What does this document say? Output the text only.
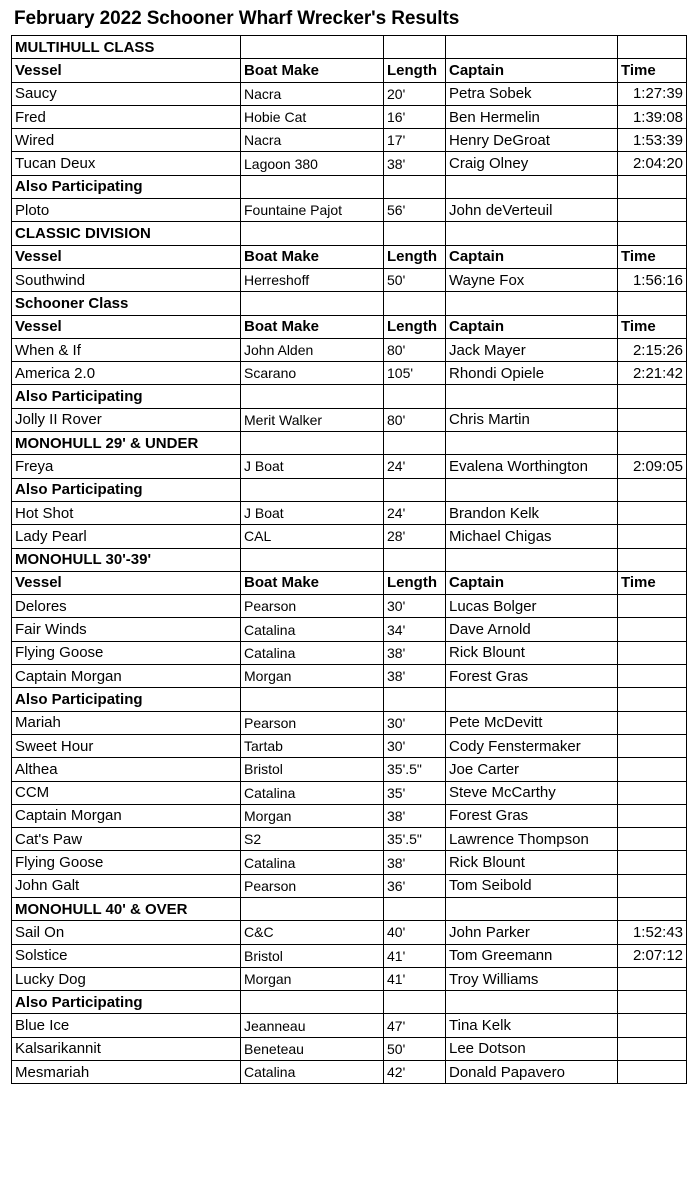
February 2022 Schooner Wharf Wrecker's Results
MULTIHULL CLASS				
Vessel	Boat Make	Length	Captain	Time
Saucy	Nacra	20'	Petra Sobek	1:27:39
Fred	Hobie Cat	16'	Ben Hermelin	1:39:08
Wired	Nacra	17'	Henry DeGroat	1:53:39
Tucan Deux	Lagoon 380	38'	Craig Olney	2:04:20
Also Participating				
Ploto	Fountaine Pajot	56'	John deVerteuil	
CLASSIC DIVISION				
Vessel	Boat Make	Length	Captain	Time
Southwind	Herreshoff	50'	Wayne Fox	1:56:16
Schooner Class				
Vessel	Boat Make	Length	Captain	Time
When & If	John Alden	80'	Jack Mayer	2:15:26
America 2.0	Scarano	105'	Rhondi Opiele	2:21:42
Also Participating				
Jolly II Rover	Merit Walker	80'	Chris Martin	
MONOHULL 29' & UNDER				
Freya	J Boat	24'	Evalena Worthington	2:09:05
Also Participating				
Hot Shot	J Boat	24'	Brandon Kelk	
Lady Pearl	CAL	28'	Michael Chigas	
MONOHULL 30'-39'				
Vessel	Boat Make	Length	Captain	Time
Delores	Pearson	30'	Lucas Bolger	
Fair Winds	Catalina	34'	Dave Arnold	
Flying Goose	Catalina	38'	Rick Blount	
Captain Morgan	Morgan	38'	Forest Gras	
Also Participating				
Mariah	Pearson	30'	Pete McDevitt	
Sweet Hour	Tartab	30'	Cody Fenstermaker	
Althea	Bristol	35'.5"	Joe Carter	
CCM	Catalina	35'	Steve McCarthy	
Captain Morgan	Morgan	38'	Forest Gras	
Cat's Paw	S2	35'.5"	Lawrence Thompson	
Flying Goose	Catalina	38'	Rick Blount	
John Galt	Pearson	36'	Tom Seibold	
MONOHULL 40' & OVER				
Sail On	C&C	40'	John Parker	1:52:43
Solstice	Bristol	41'	Tom Greemann	2:07:12
Lucky Dog	Morgan	41'	Troy Williams	
Also Participating				
Blue Ice	Jeanneau	47'	Tina Kelk	
Kalsarikannit	Beneteau	50'	Lee Dotson	
Mesmariah	Catalina	42'	Donald Papavero	
